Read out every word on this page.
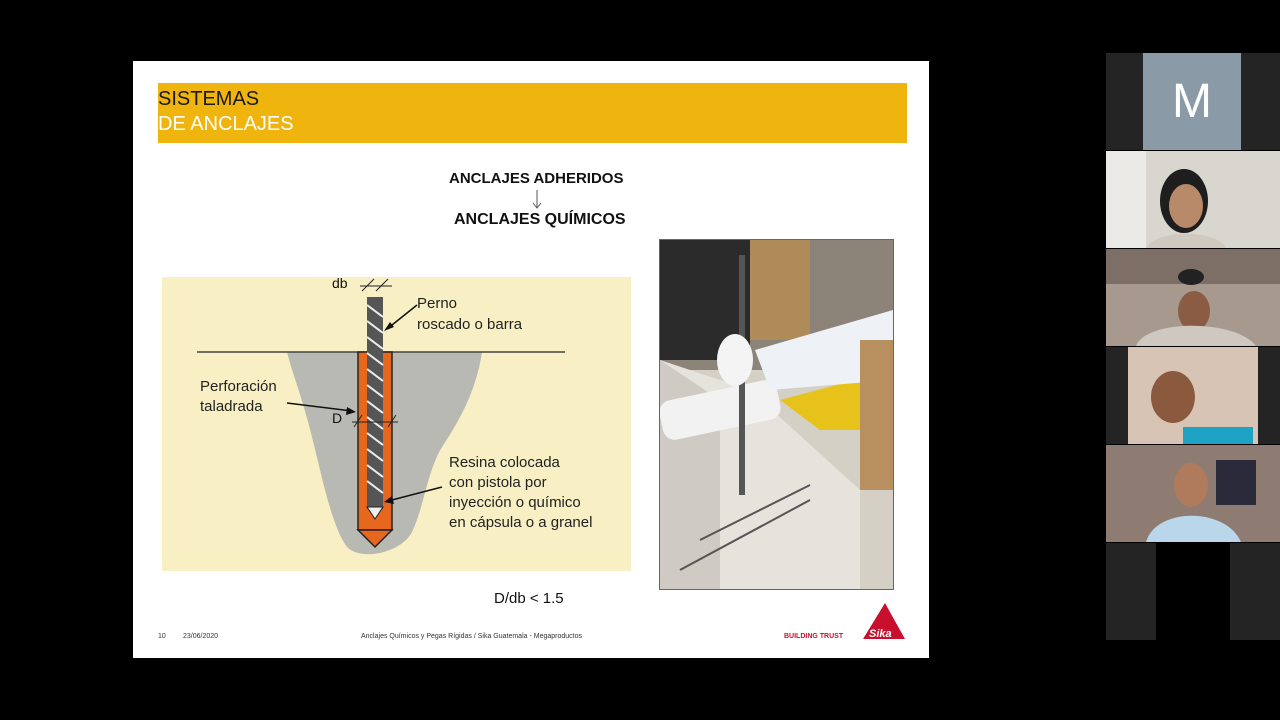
SISTEMAS
DE ANCLAJES
ANCLAJES ADHERIDOS
ANCLAJES QUÍMICOS
db
D
Perno
roscado o barra
Perforación
taladrada
Resina colocada
con pistola por
inyección o químico
en cápsula o a granel
D/db < 1.5
10 23/06/2020	Anclajes Químicos y Pegas Rígidas / Sika Guatemala - Megaproductos	BUILDING TRUST Sika
M
